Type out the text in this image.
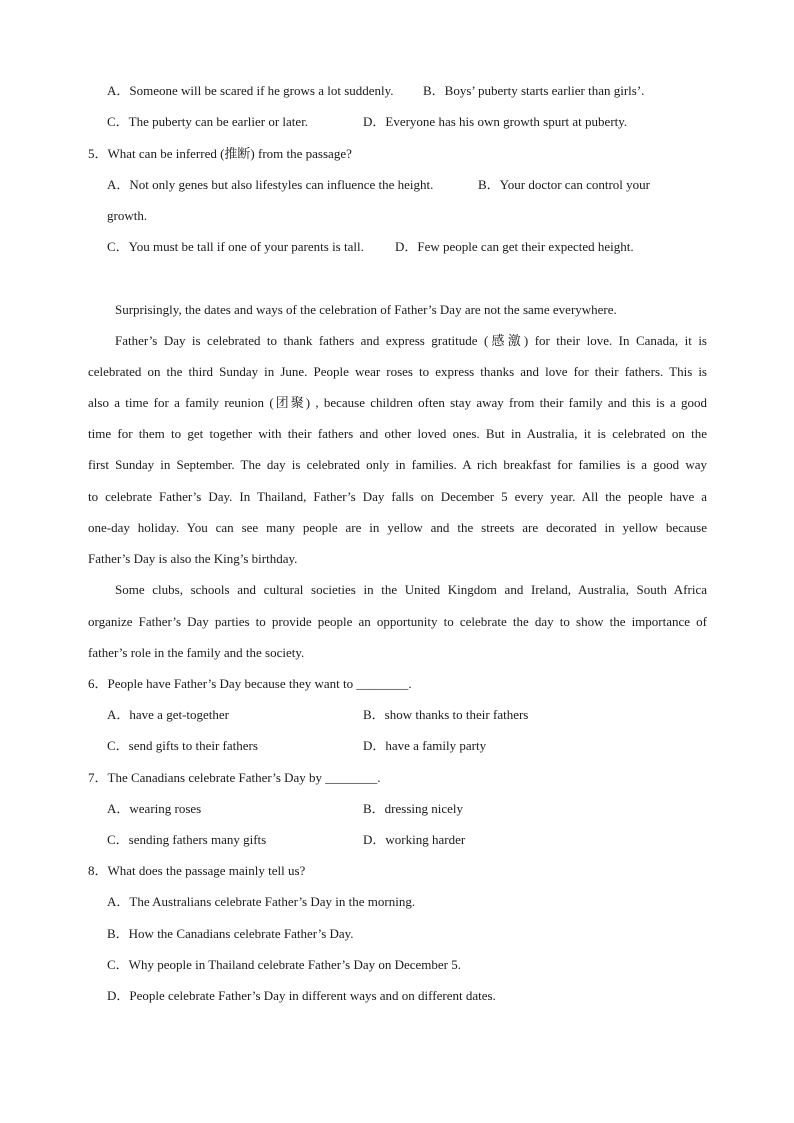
A．Someone will be scared if he grows a lot suddenly. B．Boys’ puberty starts earlier than girls’.
C．The puberty can be earlier or later.	D．Everyone has his own growth spurt at puberty.
5．What can be inferred (推断) from the passage?
A．Not only genes but also lifestyles can influence the height.	B．Your doctor can control your
growth.
C．You must be tall if one of your parents is tall. D．Few people can get their expected height.
Surprisingly, the dates and ways of the celebration of Father’s Day are not the same everywhere.
Father’s Day is celebrated to thank fathers and express gratitude (感激) for their love. In Canada, it is
celebrated on the third Sunday in June. People wear roses to express thanks and love for their fathers. This is
also a time for a family reunion (团聚) , because children often stay away from their family and this is a good
time for them to get together with their fathers and other loved ones. But in Australia, it is celebrated on the
first Sunday in September. The day is celebrated only in families. A rich breakfast for families is a good way
to celebrate Father’s Day. In Thailand, Father’s Day falls on December 5 every year. All the people have a
one-day holiday. You can see many people are in yellow and the streets are decorated in yellow because
Father’s Day is also the King’s birthday.
Some clubs, schools and cultural societies in the United Kingdom and Ireland, Australia, South Africa
organize Father’s Day parties to provide people an opportunity to celebrate the day to show the importance of
father’s role in the family and the society.
6．People have Father’s Day because they want to ________.
A．have a get-together	B．show thanks to their fathers
C．send gifts to their fathers	D．have a family party
7．The Canadians celebrate Father’s Day by ________.
A．wearing roses	B．dressing nicely
C．sending fathers many gifts	D．working harder
8．What does the passage mainly tell us?
A．The Australians celebrate Father’s Day in the morning.
B．How the Canadians celebrate Father’s Day.
C．Why people in Thailand celebrate Father’s Day on December 5.
D．People celebrate Father’s Day in different ways and on different dates.
